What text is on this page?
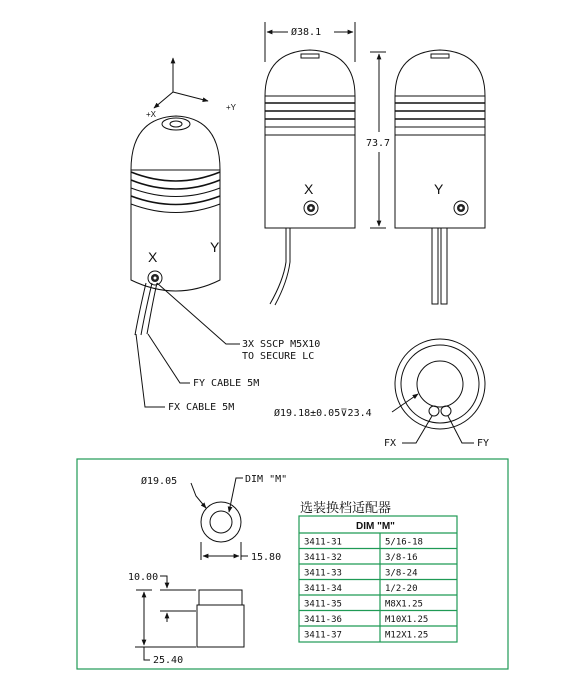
+X
+Y
X
Y
3X SSCP M5X10
TO SECURE LC
FY CABLE 5M
FX CABLE 5M
Ø38.1
X
73.7
Y
Ø19.18±0.05⊽23.4
FX	FY
Ø19.05	DIM "M"
15.80
10.00
25.40
选装换档适配器
DIM "M"
3411-31	5/16-18
3411-32	3/8-16
3411-33	3/8-24
3411-34	1/2-20
3411-35	M8X1.25
3411-36	M10X1.25
3411-37	M12X1.25
